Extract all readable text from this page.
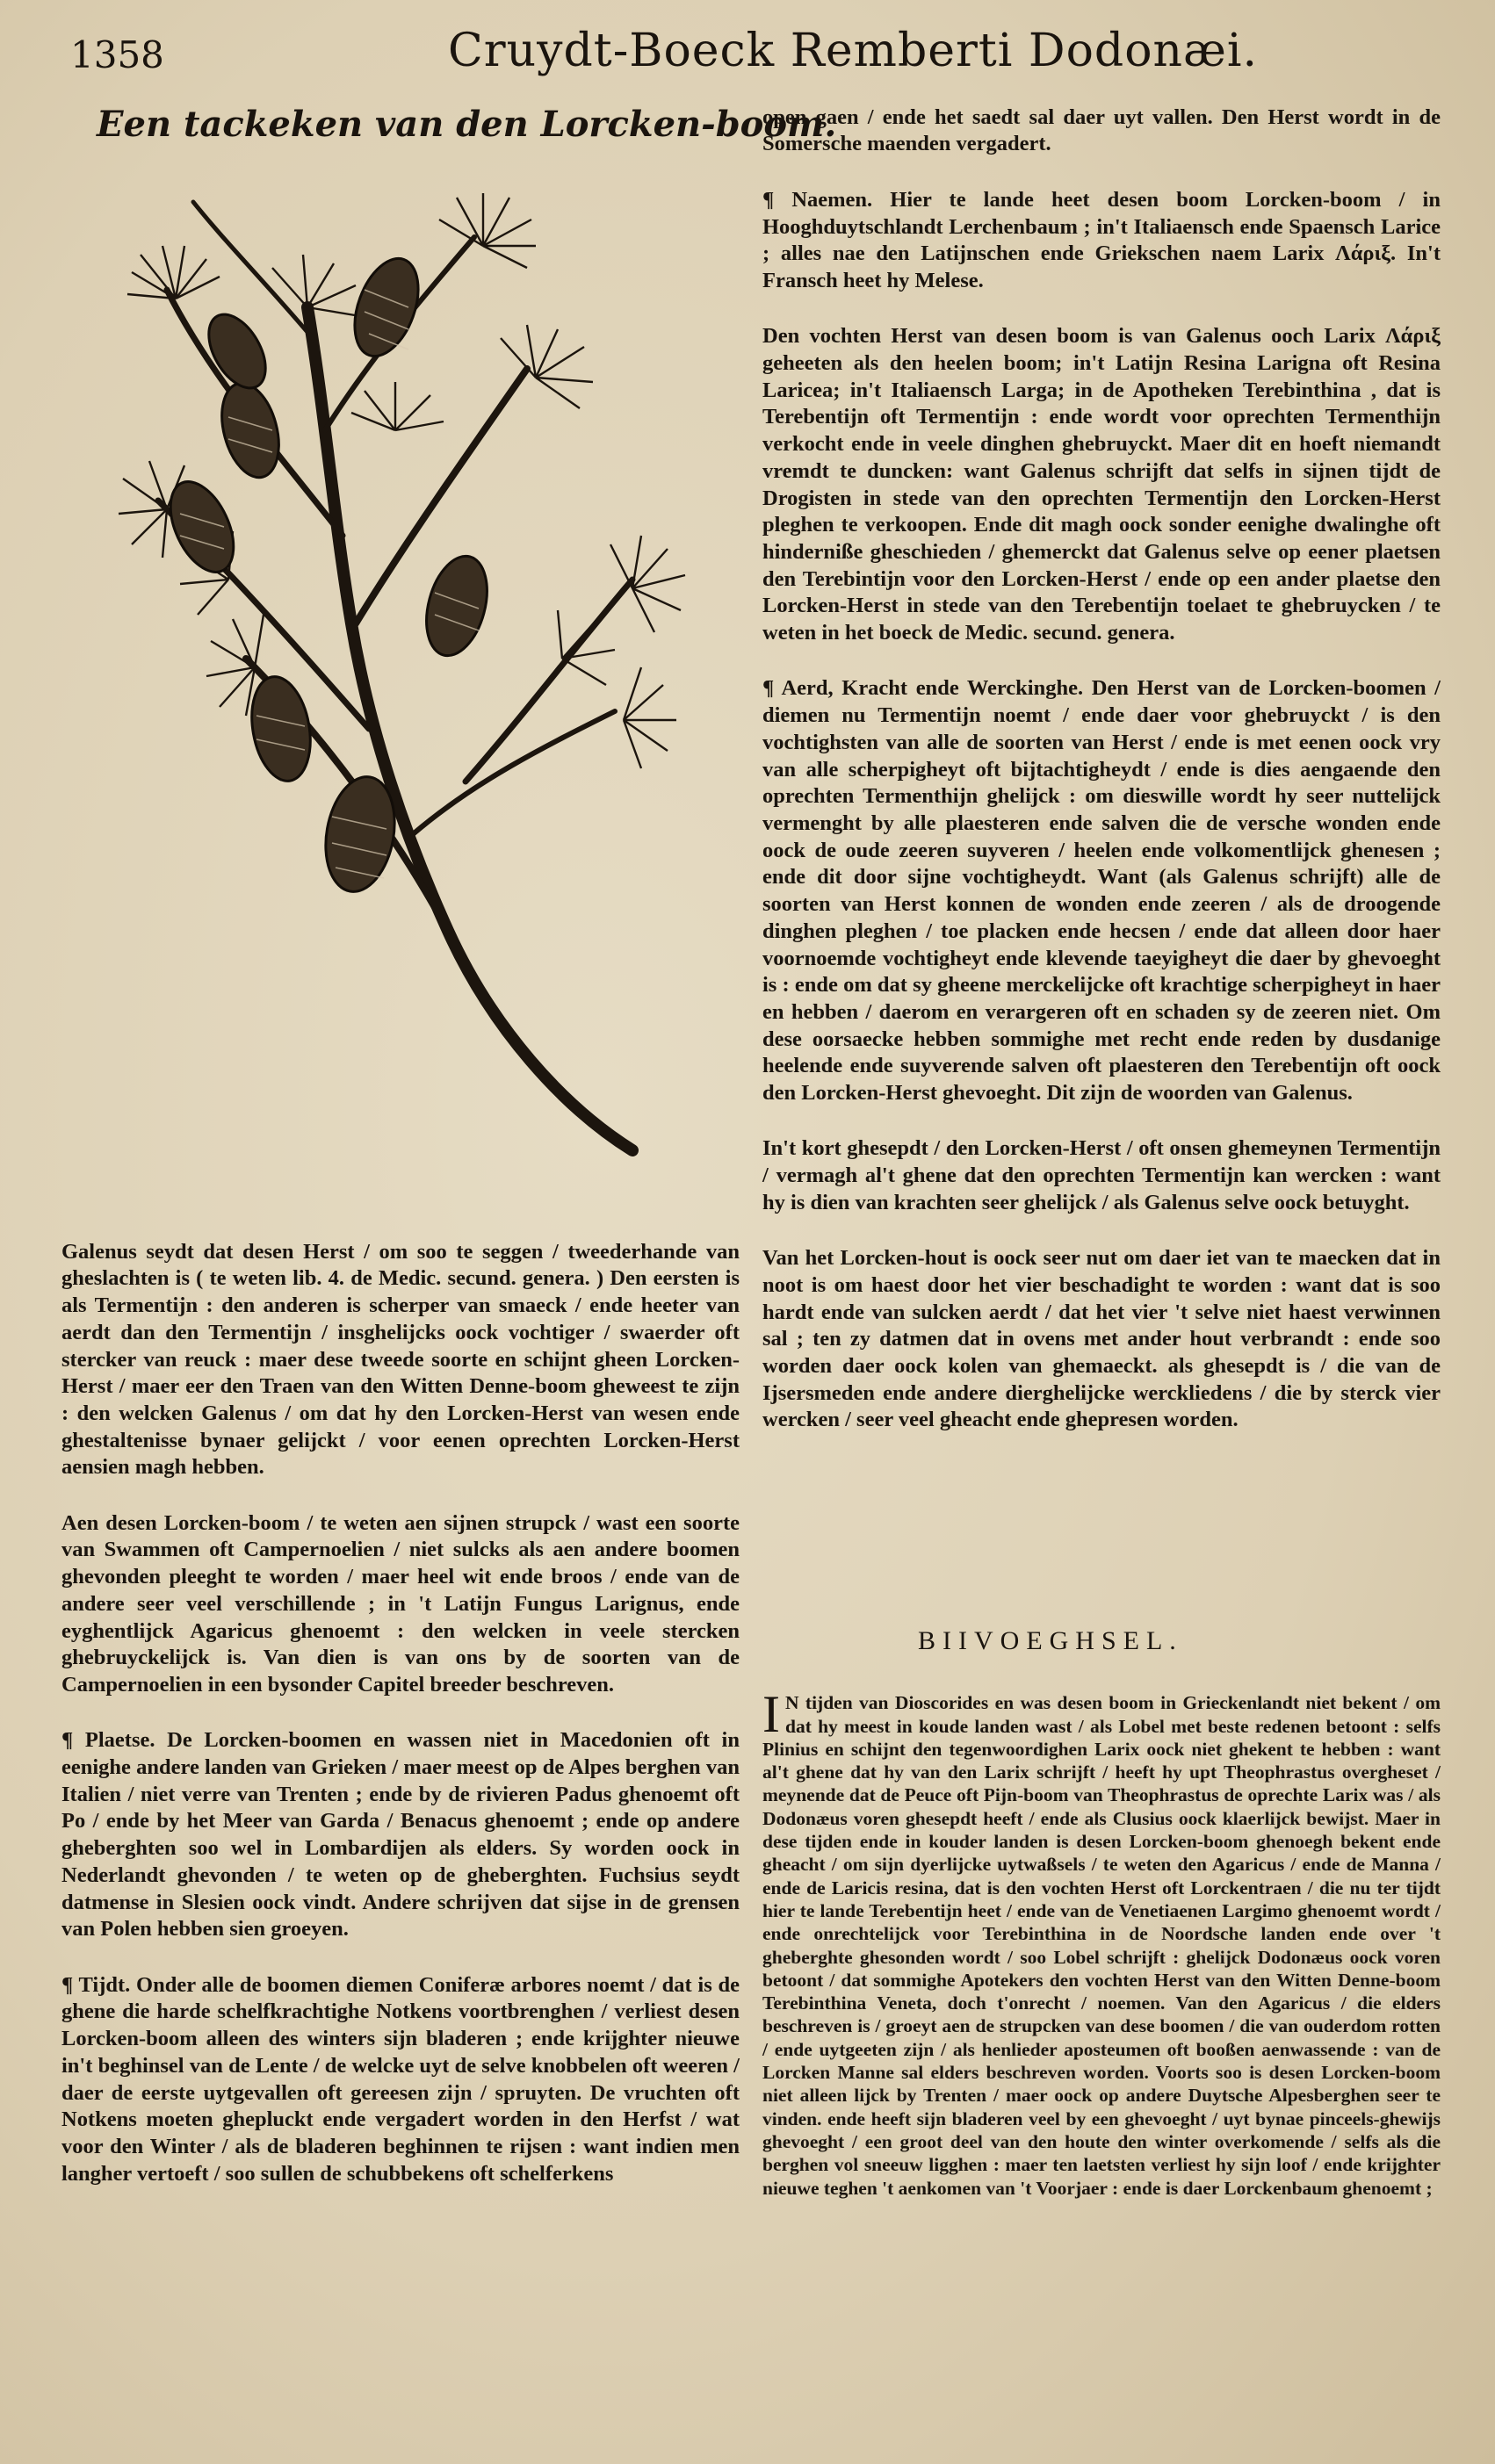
1358	Cruydt-Boeck Remberti Dodonæi.
Een tackeken van den Lorcken-boom.

open gaen / ende het saedt sal daer uyt vallen. Den Herst wordt in de Somersche maenden vergadert.

¶ Naemen. Hier te lande heet desen boom Lorcken-boom / in Hooghduytschlandt Lerchenbaum ; in't Italiaensch ende Spaensch Larice ; alles nae den Latijnschen ende Griekschen naem Larix Λάριξ. In't Fransch heet hy Melese.

Den vochten Herst van desen boom is van Galenus ooch Larix Λάριξ geheeten als den heelen boom; in't Latijn Resina Larigna oft Resina Laricea; in't Italiaensch Larga; in de Apotheken Terebinthina , dat is Terebentijn oft Termentijn : ende wordt voor oprechten Termenthijn verkocht ende in veele dinghen ghebruyckt. Maer dit en hoeft niemandt vremdt te duncken: want Galenus schrijft dat selfs in sijnen tijdt de Drogisten in stede van den oprechten Termentijn den Lorcken-Herst pleghen te verkoopen. Ende dit magh oock sonder eenighe dwalinghe oft hinderniße gheschieden / ghemerckt dat Galenus selve op eener plaetsen den Terebintijn voor den Lorcken-Herst / ende op een ander plaetse den Lorcken-Herst in stede van den Terebentijn toelaet te ghebruycken / te weten in het boeck de Medic. secund. genera.

¶ Aerd, Kracht ende Werckinghe. Den Herst van de Lorcken-boomen / diemen nu Termentijn noemt / ende daer voor ghebruyckt / is den vochtighsten van alle de soorten van Herst / ende is met eenen oock vry van alle scherpigheyt oft bijtachtigheydt / ende is dies aengaende den oprechten Termenthijn ghelijck : om dieswille wordt hy seer nuttelijck vermenght by alle plaesteren ende salven die de versche wonden ende oock de oude zeeren suyveren / heelen ende volkomentlijck ghenesen ; ende dit door sijne vochtigheydt. Want (als Galenus schrijft) alle de soorten van Herst konnen de wonden ende zeeren / als de droogende dinghen pleghen / toe placken ende hecsen / ende dat alleen door haer voornoemde vochtigheyt ende klevende taeyigheyt die daer by ghevoeght is : ende om dat sy gheene merckelijcke oft krachtige scherpigheyt in haer en hebben / daerom en verargeren oft en schaden sy de zeeren niet. Om dese oorsaecke hebben sommighe met recht ende reden by dusdanige heelende ende suyverende salven oft plaesteren den Terebentijn oft oock den Lorcken-Herst ghevoeght. Dit zijn de woorden van Galenus.

In't kort ghesepdt / den Lorcken-Herst / oft onsen ghemeynen Termentijn / vermagh al't ghene dat den oprechten Termentijn kan wercken : want hy is dien van krachten seer ghelijck / als Galenus selve oock betuyght.

Van het Lorcken-hout is oock seer nut om daer iet van te maecken dat in noot is om haest door het vier beschadight te worden : want dat is soo hardt ende van sulcken aerdt / dat het vier 't selve niet haest verwinnen sal ; ten zy datmen dat in ovens met ander hout verbrandt : ende soo worden daer oock kolen van ghemaeckt. als ghesepdt is / die van de Ijsersmeden ende andere dierghelijcke werckliedens / die by sterck vier wercken / seer veel gheacht ende ghepresen worden.

Galenus seydt dat desen Herst / om soo te seggen / tweederhande van gheslachten is ( te weten lib. 4. de Medic. secund. genera. ) Den eersten is als Termentijn : den anderen is scherper van smaeck / ende heeter van aerdt dan den Termentijn / insghelijcks oock vochtiger / swaerder oft stercker van reuck : maer dese tweede soorte en schijnt gheen Lorcken-Herst / maer eer den Traen van den Witten Denne-boom gheweest te zijn : den welcken Galenus / om dat hy den Lorcken-Herst van wesen ende ghestaltenisse bynaer gelijckt / voor eenen oprechten Lorcken-Herst aensien magh hebben.

Aen desen Lorcken-boom / te weten aen sijnen strupck / wast een soorte van Swammen oft Campernoelien / niet sulcks als aen andere boomen ghevonden pleeght te worden / maer heel wit ende broos / ende van de andere seer veel verschillende ; in 't Latijn Fungus Larignus, ende eyghentlijck Agaricus ghenoemt : den welcken in veele stercken ghebruyckelijck is. Van dien is van ons by de soorten van de Campernoelien in een bysonder Capitel breeder beschreven.

¶ Plaetse. De Lorcken-boomen en wassen niet in Macedonien oft in eenighe andere landen van Grieken / maer meest op de Alpes berghen van Italien / niet verre van Trenten ; ende by de rivieren Padus ghenoemt oft Po / ende by het Meer van Garda / Benacus ghenoemt ; ende op andere gheberghten soo wel in Lombardijen als elders. Sy worden oock in Nederlandt ghevonden / te weten op de gheberghten. Fuchsius seydt datmense in Slesien oock vindt. Andere schrijven dat sijse in de grensen van Polen hebben sien groeyen.

¶ Tijdt. Onder alle de boomen diemen Coniferæ arbores noemt / dat is de ghene die harde schelfkrachtighe Notkens voortbrenghen / verliest desen Lorcken-boom alleen des winters sijn bladeren ; ende krijghter nieuwe in't beghinsel van de Lente / de welcke uyt de selve knobbelen oft weeren / daer de eerste uytgevallen oft gereesen zijn / spruyten. De vruchten oft Notkens moeten ghepluckt ende vergadert worden in den Herfst / wat voor den Winter / als de bladeren beghinnen te rijsen : want indien men langher vertoeft / soo sullen de schubbekens oft schelferkens

BIIVOEGHSEL.

I N tijden van Dioscorides en was desen boom in Grieckenlandt niet bekent / om dat hy meest in koude landen wast / als Lobel met beste redenen betoont : selfs Plinius en schijnt den tegenwoordighen Larix oock niet ghekent te hebben : want al't ghene dat hy van den Larix schrijft / heeft hy upt Theophrastus overgheset / meynende dat de Peuce oft Pijn-boom van Theophrastus de oprechte Larix was / als Dodonæus voren ghesepdt heeft / ende als Clusius oock klaerlijck bewijst. Maer in dese tijden ende in kouder landen is desen Lorcken-boom ghenoegh bekent ende gheacht / om sijn dyerlijcke uytwaßsels / te weten den Agaricus / ende de Manna / ende de Laricis resina, dat is den vochten Herst oft Lorckentraen / die nu ter tijdt hier te lande Terebentijn heet / ende van de Venetiaenen Largimo ghenoemt wordt / ende onrechtelijck voor Terebinthina in de Noordsche landen ende over 't gheberghte ghesonden wordt / soo Lobel schrijft : ghelijck Dodonæus oock voren betoont / dat sommighe Apotekers den vochten Herst van den Witten Denne-boom Terebinthina Veneta, doch t'onrecht / noemen. Van den Agaricus / die elders beschreven is / groeyt aen de strupcken van dese boomen / die van ouderdom rotten / ende uytgeeten zijn / als henlieder aposteumen oft booßen aenwassende : van de Lorcken Manne sal elders beschreven worden. Voorts soo is desen Lorcken-boom niet alleen lijck by Trenten / maer oock op andere Duytsche Alpesberghen seer te vinden. ende heeft sijn bladeren veel by een ghevoeght / uyt bynae pinceels-ghewijs ghevoeght / een groot deel van den houte den winter overkomende / selfs als die berghen vol sneeuw ligghen : maer ten laetsten verliest hy sijn loof / ende krijghter nieuwe teghen 't aenkomen van 't Voorjaer : ende is daer Lorckenbaum ghenoemt ;
